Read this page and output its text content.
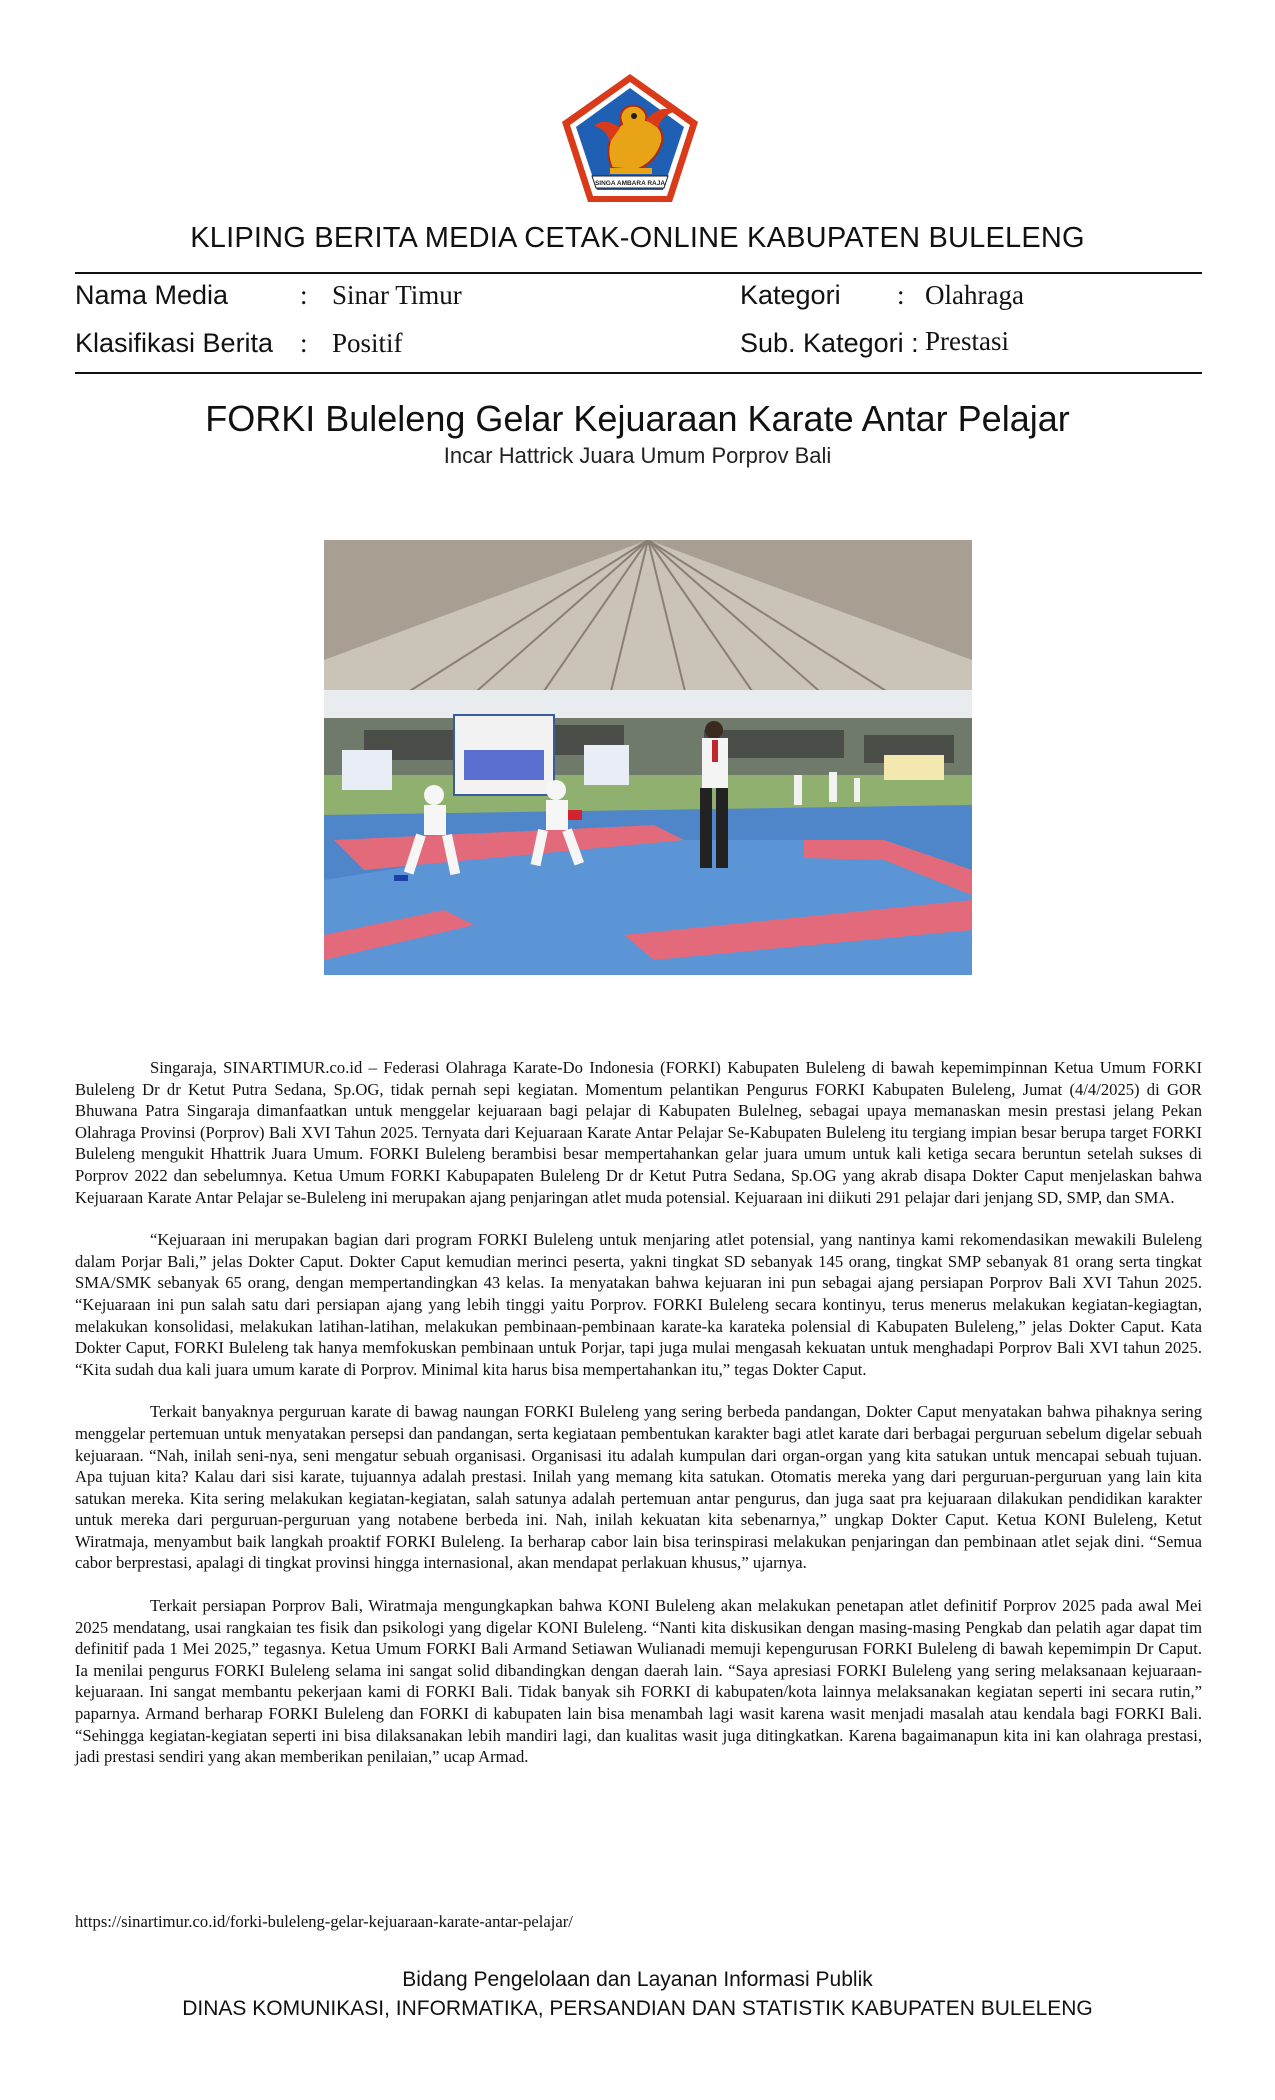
SINGA AMBARA RAJA
KLIPING BERITA MEDIA CETAK-ONLINE KABUPATEN BULELENG
Nama Media	: Sinar Timur
Klasifikasi Berita : Positif
Kategori : Olahraga
Sub. Kategori : Prestasi
FORKI Buleleng Gelar Kejuaraan Karate Antar Pelajar
Incar Hattrick Juara Umum Porprov Bali

Singaraja, SINARTIMUR.co.id – Federasi Olahraga Karate-Do Indonesia (FORKI) Kabupaten Buleleng di bawah kepemimpinnan Ketua Umum FORKI Buleleng Dr dr Ketut Putra Sedana, Sp.OG, tidak pernah sepi kegiatan. Momentum pelantikan Pengurus FORKI Kabupaten Buleleng, Jumat (4/4/2025) di GOR Bhuwana Patra Singaraja dimanfaatkan untuk menggelar kejuaraan bagi pelajar di Kabupaten Bulelneg, sebagai upaya memanaskan mesin prestasi jelang Pekan Olahraga Provinsi (Porprov) Bali XVI Tahun 2025. Ternyata dari Kejuaraan Karate Antar Pelajar Se-Kabupaten Buleleng itu tergiang impian besar berupa target FORKI Buleleng mengukit Hhattrik Juara Umum. FORKI Buleleng berambisi besar mempertahankan gelar juara umum untuk kali ketiga secara beruntun setelah sukses di Porprov 2022 dan sebelumnya. Ketua Umum FORKI Kabupapaten Buleleng Dr dr Ketut Putra Sedana, Sp.OG yang akrab disapa Dokter Caput menjelaskan bahwa Kejuaraan Karate Antar Pelajar se-Buleleng ini merupakan ajang penjaringan atlet muda potensial. Kejuaraan ini diikuti 291 pelajar dari jenjang SD, SMP, dan SMA.

“Kejuaraan ini merupakan bagian dari program FORKI Buleleng untuk menjaring atlet potensial, yang nantinya kami rekomendasikan mewakili Buleleng dalam Porjar Bali,” jelas Dokter Caput. Dokter Caput kemudian merinci peserta, yakni tingkat SD sebanyak 145 orang, tingkat SMP sebanyak 81 orang serta tingkat SMA/SMK sebanyak 65 orang, dengan mempertandingkan 43 kelas. Ia menyatakan bahwa kejuaran ini pun sebagai ajang persiapan Porprov Bali XVI Tahun 2025. “Kejuaraan ini pun salah satu dari persiapan ajang yang lebih tinggi yaitu Porprov. FORKI Buleleng secara kontinyu, terus menerus melakukan kegiatan-kegiagtan, melakukan konsolidasi, melakukan latihan-latihan, melakukan pembinaan-pembinaan karate-ka karateka polensial di Kabupaten Buleleng,” jelas Dokter Caput. Kata Dokter Caput, FORKI Buleleng tak hanya memfokuskan pembinaan untuk Porjar, tapi juga mulai mengasah kekuatan untuk menghadapi Porprov Bali XVI tahun 2025. “Kita sudah dua kali juara umum karate di Porprov. Minimal kita harus bisa mempertahankan itu,” tegas Dokter Caput.

Terkait banyaknya perguruan karate di bawag naungan FORKI Buleleng yang sering berbeda pandangan, Dokter Caput menyatakan bahwa pihaknya sering menggelar pertemuan untuk menyatakan persepsi dan pandangan, serta kegiataan pembentukan karakter bagi atlet karate dari berbagai perguruan sebelum digelar sebuah kejuaraan. “Nah, inilah seni-nya, seni mengatur sebuah organisasi. Organisasi itu adalah kumpulan dari organ-organ yang kita satukan untuk mencapai sebuah tujuan. Apa tujuan kita? Kalau dari sisi karate, tujuannya adalah prestasi. Inilah yang memang kita satukan. Otomatis mereka yang dari perguruan-perguruan yang lain kita satukan mereka. Kita sering melakukan kegiatan-kegiatan, salah satunya adalah pertemuan antar pengurus, dan juga saat pra kejuaraan dilakukan pendidikan karakter untuk mereka dari perguruan-perguruan yang notabene berbeda ini. Nah, inilah kekuatan kita sebenarnya,” ungkap Dokter Caput. Ketua KONI Buleleng, Ketut Wiratmaja, menyambut baik langkah proaktif FORKI Buleleng. Ia berharap cabor lain bisa terinspirasi melakukan penjaringan dan pembinaan atlet sejak dini. “Semua cabor berprestasi, apalagi di tingkat provinsi hingga internasional, akan mendapat perlakuan khusus,” ujarnya.

Terkait persiapan Porprov Bali, Wiratmaja mengungkapkan bahwa KONI Buleleng akan melakukan penetapan atlet definitif Porprov 2025 pada awal Mei 2025 mendatang, usai rangkaian tes fisik dan psikologi yang digelar KONI Buleleng. “Nanti kita diskusikan dengan masing-masing Pengkab dan pelatih agar dapat tim definitif pada 1 Mei 2025,” tegasnya. Ketua Umum FORKI Bali Armand Setiawan Wulianadi memuji kepengurusan FORKI Buleleng di bawah kepemimpin Dr Caput. Ia menilai pengurus FORKI Buleleng selama ini sangat solid dibandingkan dengan daerah lain. “Saya apresiasi FORKI Buleleng yang sering melaksanaan kejuaraan-kejuaraan. Ini sangat membantu pekerjaan kami di FORKI Bali. Tidak banyak sih FORKI di kabupaten/kota lainnya melaksanakan kegiatan seperti ini secara rutin,” paparnya. Armand berharap FORKI Buleleng dan FORKI di kabupaten lain bisa menambah lagi wasit karena wasit menjadi masalah atau kendala bagi FORKI Bali. “Sehingga kegiatan-kegiatan seperti ini bisa dilaksanakan lebih mandiri lagi, dan kualitas wasit juga ditingkatkan. Karena bagaimanapun kita ini kan olahraga prestasi, jadi prestasi sendiri yang akan memberikan penilaian,” ucap Armad.

https://sinartimur.co.id/forki-buleleng-gelar-kejuaraan-karate-antar-pelajar/
Bidang Pengelolaan dan Layanan Informasi Publik
DINAS KOMUNIKASI, INFORMATIKA, PERSANDIAN DAN STATISTIK KABUPATEN BULELENG
